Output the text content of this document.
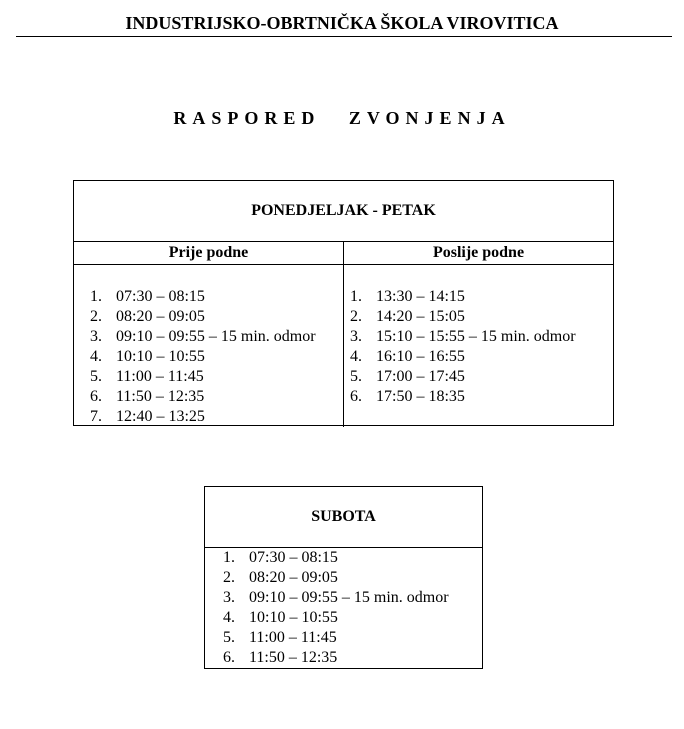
INDUSTRIJSKO-OBRTNIČKA ŠKOLA VIROVITICA
RASPORED ZVONJENJA
PONEDJELJAK - PETAK
Prije podne	Poslije podne
1. 07:30 – 08:15
2. 08:20 – 09:05
3. 09:10 – 09:55 – 15 min. odmor
4. 10:10 – 10:55
5. 11:00 – 11:45
6. 11:50 – 12:35
7. 12:40 – 13:25
1. 13:30 – 14:15
2. 14:20 – 15:05
3. 15:10 – 15:55 – 15 min. odmor
4. 16:10 – 16:55
5. 17:00 – 17:45
6. 17:50 – 18:35
SUBOTA
1. 07:30 – 08:15
2. 08:20 – 09:05
3. 09:10 – 09:55 – 15 min. odmor
4. 10:10 – 10:55
5. 11:00 – 11:45
6. 11:50 – 12:35
